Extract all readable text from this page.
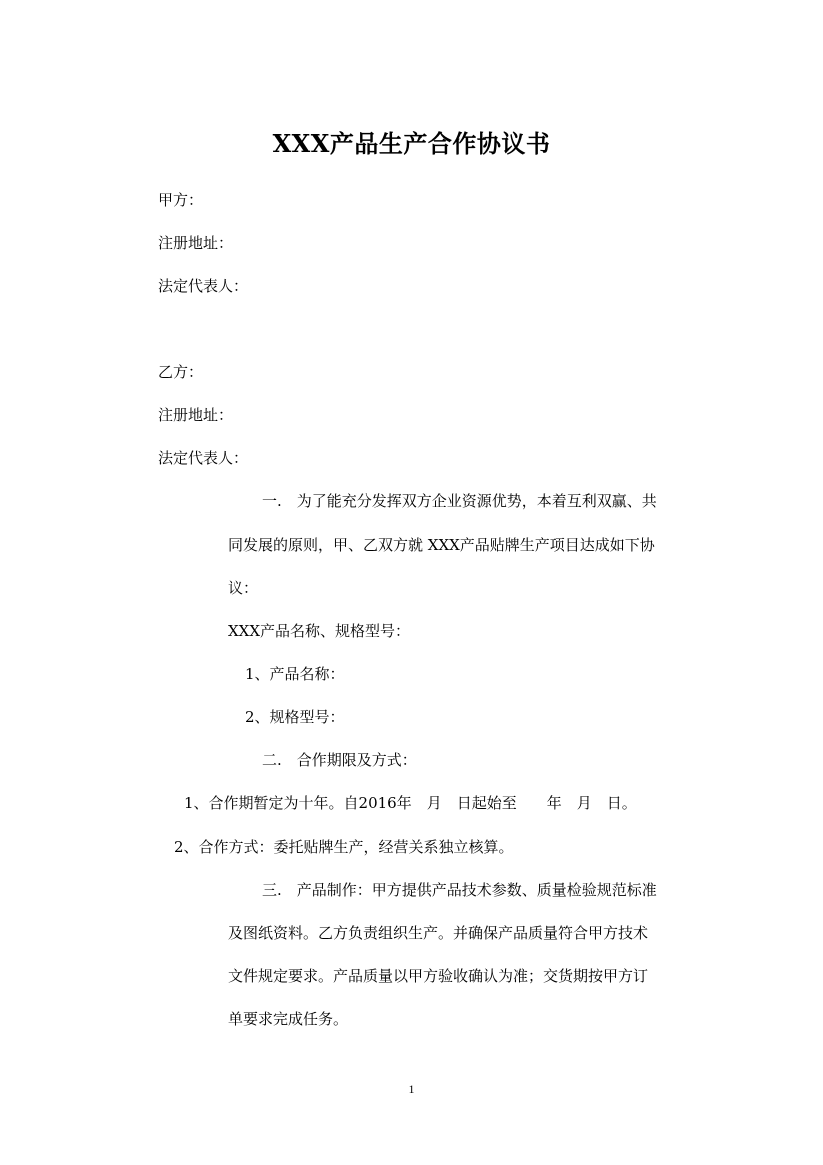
XXX产品生产合作协议书

甲方：

注册地址：

法定代表人：

乙方：

注册地址：

法定代表人：

一.　为了能充分发挥双方企业资源优势，本着互利双赢、共

同发展的原则，甲、乙双方就 XXX产品贴牌生产项目达成如下协

议：

XXX产品名称、规格型号：

1、产品名称：

2、规格型号：

二.　合作期限及方式：

1、合作期暂定为十年。自2016年　月　日起始至　　年　月　日。

2、合作方式：委托贴牌生产，经营关系独立核算。

三.　产品制作：甲方提供产品技术参数、质量检验规范标准

及图纸资料。乙方负责组织生产。并确保产品质量符合甲方技术

文件规定要求。产品质量以甲方验收确认为准；交货期按甲方订

单要求完成任务。

1
